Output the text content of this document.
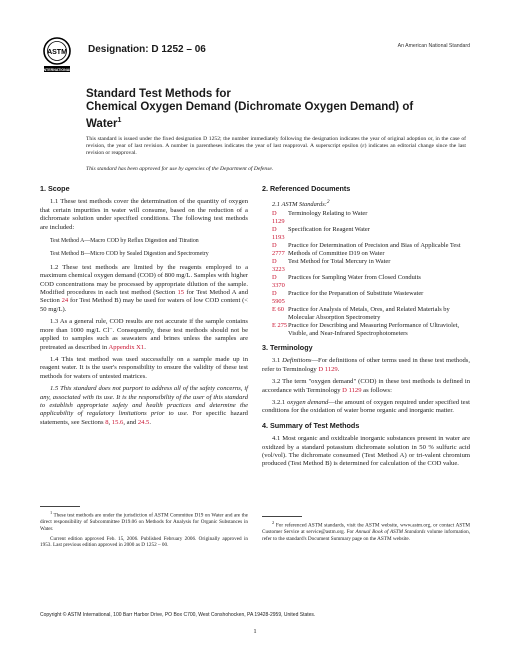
ASTM
INTERNATIONAL
Designation: D 1252 – 06	An American National Standard
Standard Test Methods for
Chemical Oxygen Demand (Dichromate Oxygen Demand) of
Water$^1$
This standard is issued under the fixed designation D 1252; the number immediately following the designation indicates the year of original adoption or, in the case of revision, the year of last revision. A number in parentheses indicates the year of last reapproval. A superscript epsilon (ε) indicates an editorial change since the last revision or reapproval.
This standard has been approved for use by agencies of the Department of Defense.
1. Scope

1.1 These test methods cover the determination of the quantity of oxygen that certain impurities in water will consume, based on the reduction of a dichromate solution under specified conditions. The following test methods are included:

Test Method A—Macro COD by Reflux Digestion and Titration

Test Method B—Micro COD by Sealed Digestion and Spectrometry

1.2 These test methods are limited by the reagents employed to a maximum chemical oxygen demand (COD) of 800 mg/L. Samples with higher COD concentrations may be processed by appropriate dilution of the sample. Modified procedures in each test method (Section 15 for Test Method A and Section 24 for Test Method B) may be used for waters of low COD content (< 50 mg/L).

1.3 As a general rule, COD results are not accurate if the sample contains more than 1000 mg/L Cl⁻. Consequently, these test methods should not be applied to samples such as seawaters and brines unless the samples are pretreated as described in Appendix X1.

1.4 This test method was used successfully on a sample made up in reagent water. It is the user's responsibility to ensure the validity of these test methods for waters of untested matrices.

1.5 This standard does not purport to address all of the safety concerns, if any, associated with its use. It is the responsibility of the user of this standard to establish appropriate safety and health practices and determine the applicability of regulatory limitations prior to use. For specific hazard statements, see Sections 8, 15.6, and 24.5.

2. Referenced Documents

2.1 ASTM Standards:$^2$

D 1129
Terminology Relating to Water
D 1193
Specification for Reagent Water
D 2777
Practice for Determination of Precision and Bias of Applicable Test Methods of Committee D19 on Water
D 3223
Test Method for Total Mercury in Water
D 3370
Practices for Sampling Water from Closed Conduits
D 5905
Practice for the Preparation of Substitute Wastewater
E 60 Practice for Analysis of Metals, Ores, and Related Materials by Molecular Absorption Spectrometry
E 275 Practice for Describing and Measuring Performance of Ultraviolet, Visible, and Near-Infrared Spectrophotometers
3. Terminology

3.1 Definitions—For definitions of other terms used in these test methods, refer to Terminology D 1129.

3.2 The term "oxygen demand" (COD) in these test methods is defined in accordance with Terminology D 1129 as follows:

3.2.1 oxygen demand—the amount of oxygen required under specified test conditions for the oxidation of water borne organic and inorganic matter.

4. Summary of Test Methods

4.1 Most organic and oxidizable inorganic substances present in water are oxidized by a standard potassium dichromate solution in 50 % sulfuric acid (vol/vol). The dichromate consumed (Test Method A) or tri-valent chromium produced (Test Method B) is determined for calculation of the COD value.

$^1$ These test methods are under the jurisdiction of ASTM Committee D19 on Water and are the direct responsibility of Subcommittee D19.06 on Methods for Analysis for Organic Substances in Water.

Current edition approved Feb. 15, 2006. Published February 2006. Originally approved in 1953. Last previous edition approved in 2000 as D 1252 – 00.

$^2$ For referenced ASTM standards, visit the ASTM website, www.astm.org, or contact ASTM Customer Service at service@astm.org. For Annual Book of ASTM Standards volume information, refer to the standard's Document Summary page on the ASTM website.

Copyright © ASTM International, 100 Barr Harbor Drive, PO Box C700, West Conshohocken, PA 19428-2959, United States.
1
